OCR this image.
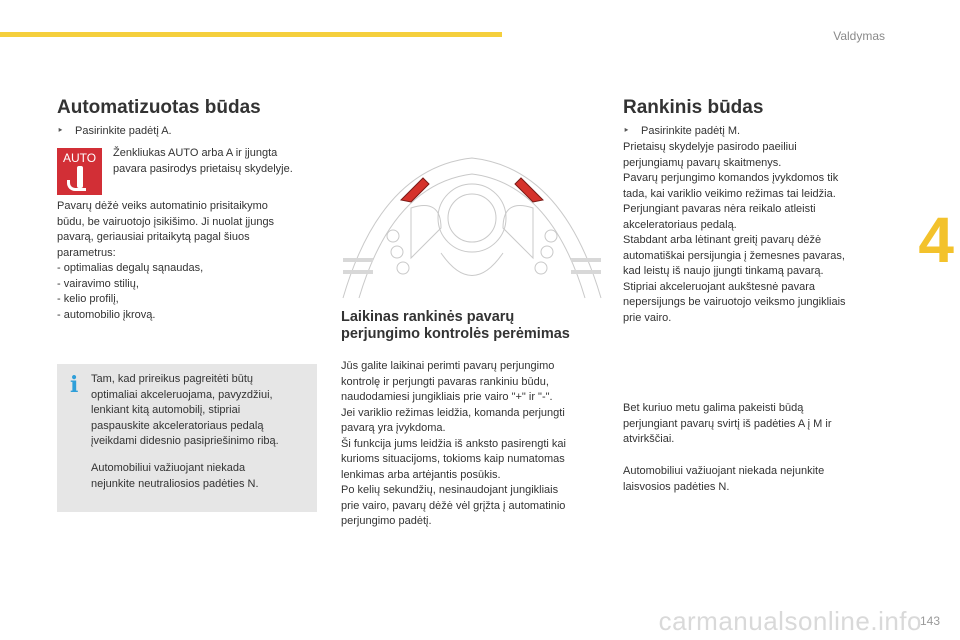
Valdymas
4
carmanualsonline.info
143
Automatizuotas būdas
‣ Pasirinkite padėtį A.
AUTO	Ženkliukas AUTO arba A ir įjungta

pavara pasirodys prietaisų skydelyje.

Pavarų dėžė veiks automatinio prisitaikymo

būdu, be vairuotojo įsikišimo. Ji nuolat įjungs

pavarą, geriausiai pritaikytą pagal šiuos

parametrus:

- optimalias degalų sąnaudas,

- vairavimo stilių,

- kelio profilį,

- automobilio įkrovą.

i Tam, kad prireikus pagreitėti būtų

optimaliai akceleruojama, pavyzdžiui,

lenkiant kitą automobilį, stipriai

paspauskite akceleratoriaus pedalą

įveikdami didesnio pasipriešinimo ribą.

Automobiliui važiuojant niekada

nejunkite neutraliosios padėties N.

Laikinas rankinės pavarų
perjungimo kontrolės perėmimas

Jūs galite laikinai perimti pavarų perjungimo

kontrolę ir perjungti pavaras rankiniu būdu,

naudodamiesi jungikliais prie vairo "+" ir "-".

Jei variklio režimas leidžia, komanda perjungti

pavarą yra įvykdoma.

Ši funkcija jums leidžia iš anksto pasirengti kai

kurioms situacijoms, tokioms kaip numatomas

lenkimas arba artėjantis posūkis.

Po kelių sekundžių, nesinaudojant jungikliais

prie vairo, pavarų dėžė vėl grįžta į automatinio

perjungimo padėtį.

Rankinis būdas
‣ Pasirinkite padėtį M.

Prietaisų skydelyje pasirodo paeiliui

perjungiamų pavarų skaitmenys.

Pavarų perjungimo komandos įvykdomos tik

tada, kai variklio veikimo režimas tai leidžia.

Perjungiant pavaras nėra reikalo atleisti

akceleratoriaus pedalą.

Stabdant arba lėtinant greitį pavarų dėžė

automatiškai persijungia į žemesnes pavaras,

kad leistų iš naujo įjungti tinkamą pavarą.

Stipriai akceleruojant aukštesnė pavara

nepersijungs be vairuotojo veiksmo jungikliais

prie vairo.

Bet kuriuo metu galima pakeisti būdą

perjungiant pavarų svirtį iš padėties A į M ir

atvirkščiai.

Automobiliui važiuojant niekada nejunkite

laisvosios padėties N.
